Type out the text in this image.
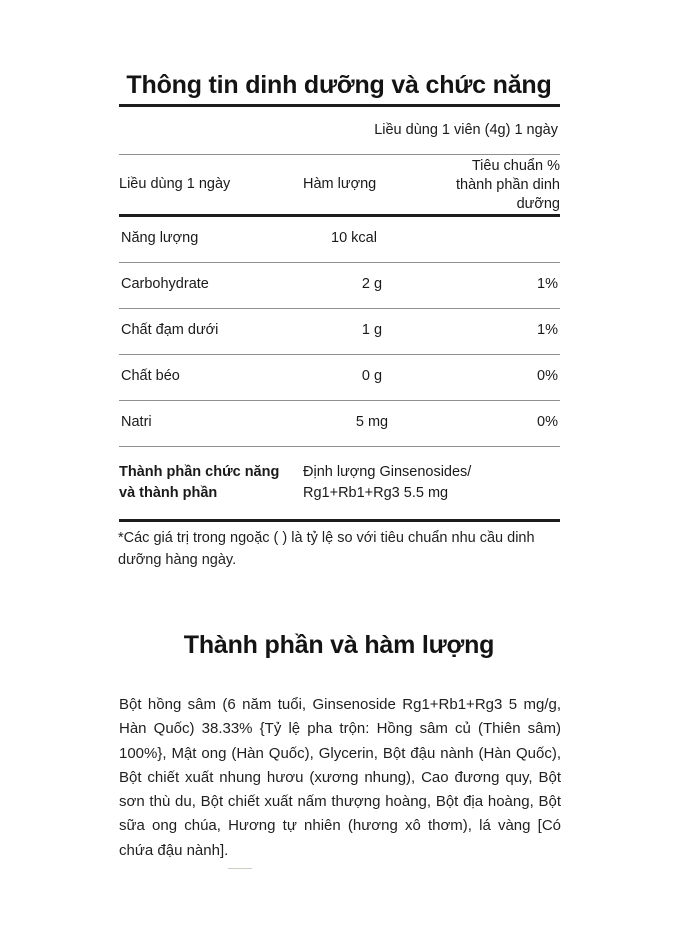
Thông tin dinh dưỡng và chức năng
Liều dùng 1 viên (4g) 1 ngày		
Liều dùng 1 ngày	Hàm lượng	Tiêu chuẩn %
thành phần dinh dưỡng
Năng lượng	10 kcal	
Carbohydrate	2 g	1%
Chất đạm dưới	1 g	1%
Chất béo	0 g	0%
Natri	5 mg	0%
Thành phần chức năng
và thành phần	Định lượng Ginsenosides/
Rg1+Rb1+Rg3 5.5 mg	

*Các giá trị trong ngoặc ( ) là tỷ lệ so với tiêu chuẩn nhu cầu dinh dưỡng hàng ngày.

Thành phần và hàm lượng

Bột hồng sâm (6 năm tuổi, Ginsenoside Rg1+Rb1+Rg3 5 mg/g, Hàn Quốc) 38.33% {Tỷ lệ pha trộn: Hồng sâm củ (Thiên sâm) 100%}, Mật ong (Hàn Quốc), Glycerin, Bột đậu nành (Hàn Quốc), Bột chiết xuất nhung hươu (xương nhung), Cao đương quy, Bột sơn thù du, Bột chiết xuất nấm thượng hoàng, Bột địa hoàng, Bột sữa ong chúa, Hương tự nhiên (hương xô thơm), lá vàng [Có chứa đậu nành].
